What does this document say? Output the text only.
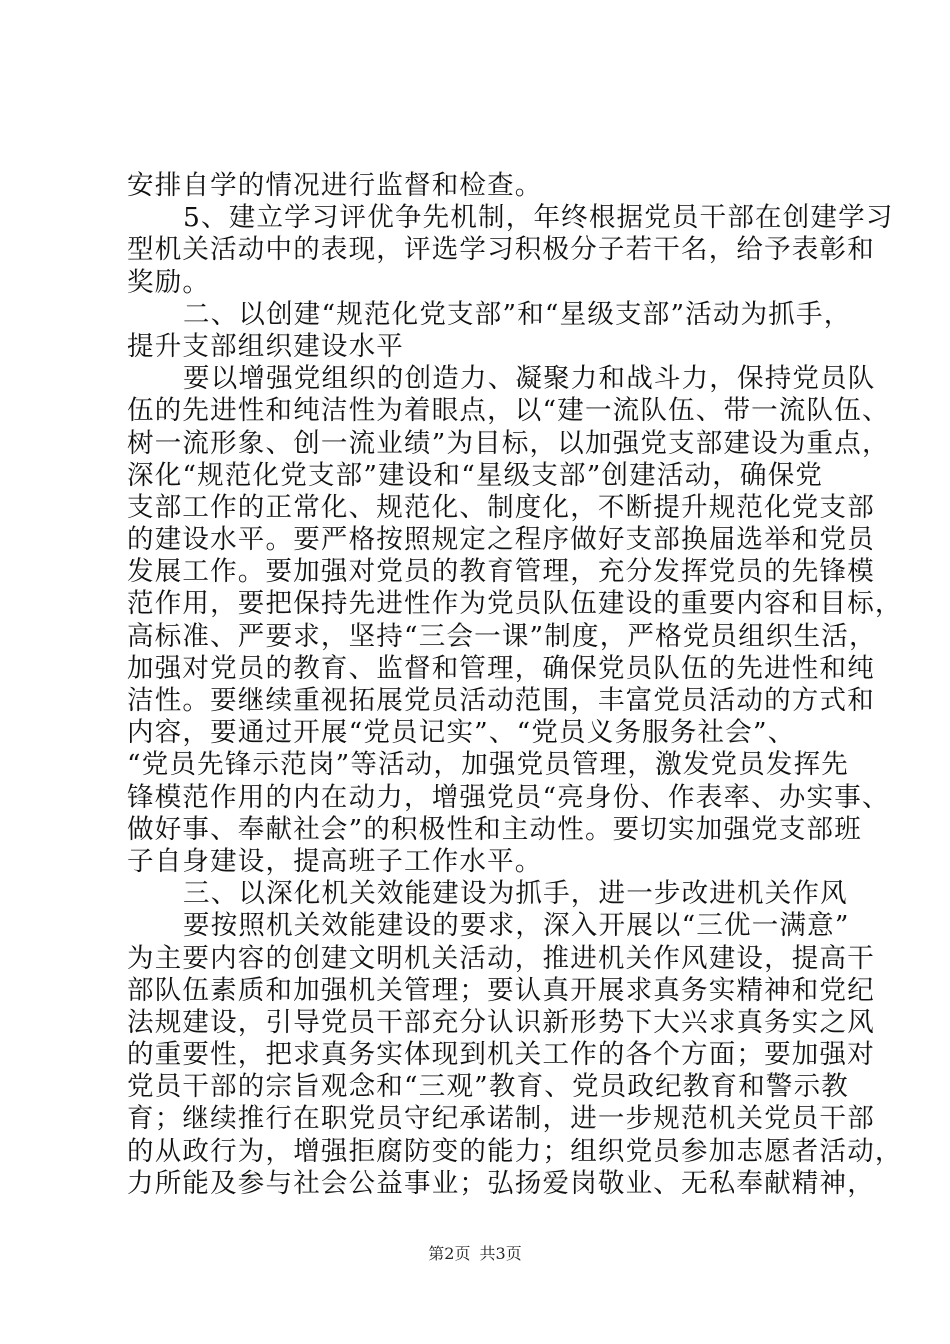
安排自学的情况进行监督和检查。
5、建立学习评优争先机制，年终根据党员干部在创建学习
型机关活动中的表现，评选学习积极分子若干名，给予表彰和
奖励。
二、以创建“规范化党支部”和“星级支部”活动为抓手，
提升支部组织建设水平
要以增强党组织的创造力、凝聚力和战斗力，保持党员队
伍的先进性和纯洁性为着眼点，以“建一流队伍、带一流队伍、
树一流形象、创一流业绩”为目标，以加强党支部建设为重点，
深化“规范化党支部”建设和“星级支部”创建活动，确保党
支部工作的正常化、规范化、制度化，不断提升规范化党支部
的建设水平。要严格按照规定之程序做好支部换届选举和党员
发展工作。要加强对党员的教育管理，充分发挥党员的先锋模
范作用，要把保持先进性作为党员队伍建设的重要内容和目标，
高标准、严要求，坚持“三会一课”制度，严格党员组织生活，
加强对党员的教育、监督和管理，确保党员队伍的先进性和纯
洁性。要继续重视拓展党员活动范围，丰富党员活动的方式和
内容，要通过开展“党员记实”、“党员义务服务社会”、
“党员先锋示范岗”等活动，加强党员管理，激发党员发挥先
锋模范作用的内在动力，增强党员“亮身份、作表率、办实事、
做好事、奉献社会”的积极性和主动性。要切实加强党支部班
子自身建设，提高班子工作水平。
三、以深化机关效能建设为抓手，进一步改进机关作风
要按照机关效能建设的要求，深入开展以“三优一满意”
为主要内容的创建文明机关活动，推进机关作风建设，提高干
部队伍素质和加强机关管理；要认真开展求真务实精神和党纪
法规建设，引导党员干部充分认识新形势下大兴求真务实之风
的重要性，把求真务实体现到机关工作的各个方面；要加强对
党员干部的宗旨观念和“三观”教育、党员政纪教育和警示教
育；继续推行在职党员守纪承诺制，进一步规范机关党员干部
的从政行为，增强拒腐防变的能力；组织党员参加志愿者活动，
力所能及参与社会公益事业；弘扬爱岗敬业、无私奉献精神，
第2页 共3页
